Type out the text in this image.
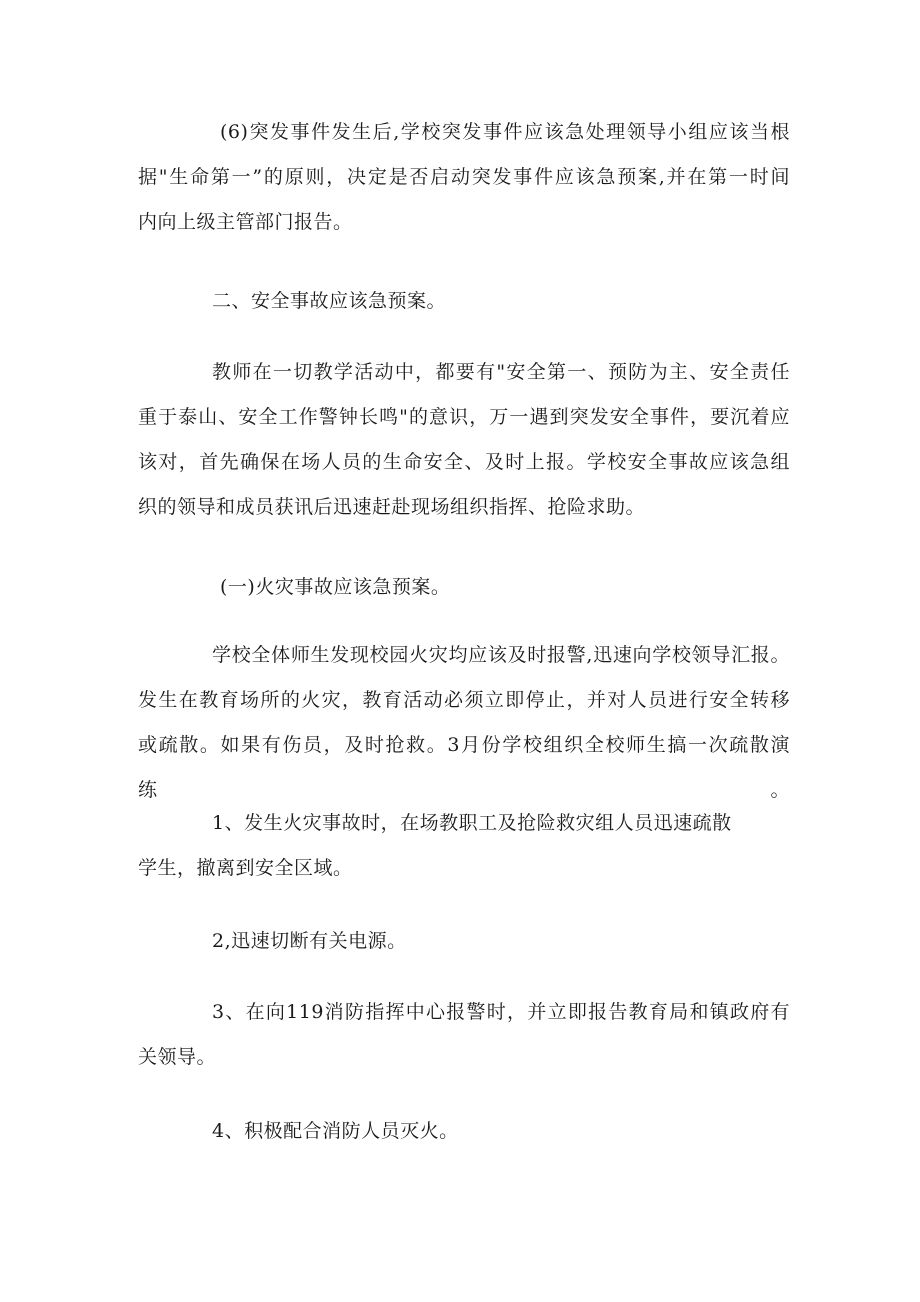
(6)突发事件发生后,学校突发事件应该急处理领导小组应该当根
据"生命第一”的原则，决定是否启动突发事件应该急预案,并在第一时间
内向上级主管部门报告。
二、安全事故应该急预案。
教师在一切教学活动中，都要有"安全第一、预防为主、安全责任
重于泰山、安全工作警钟长鸣"的意识，万一遇到突发安全事件，要沉着应
该对，首先确保在场人员的生命安全、及时上报。学校安全事故应该急组
织的领导和成员获讯后迅速赶赴现场组织指挥、抢险求助。
(一)火灾事故应该急预案。
学校全体师生发现校园火灾均应该及时报警,迅速向学校领导汇报。
发生在教育场所的火灾，教育活动必须立即停止，并对人员进行安全转移
或疏散。如果有伤员，及时抢救。3月份学校组织全校师生搞一次疏散演练。
1、发生火灾事故时，在场教职工及抢险救灾组人员迅速疏散
学生，撤离到安全区域。
2,迅速切断有关电源。
3、在向119消防指挥中心报警时，并立即报告教育局和镇政府有
关领导。
4、积极配合消防人员灭火。
